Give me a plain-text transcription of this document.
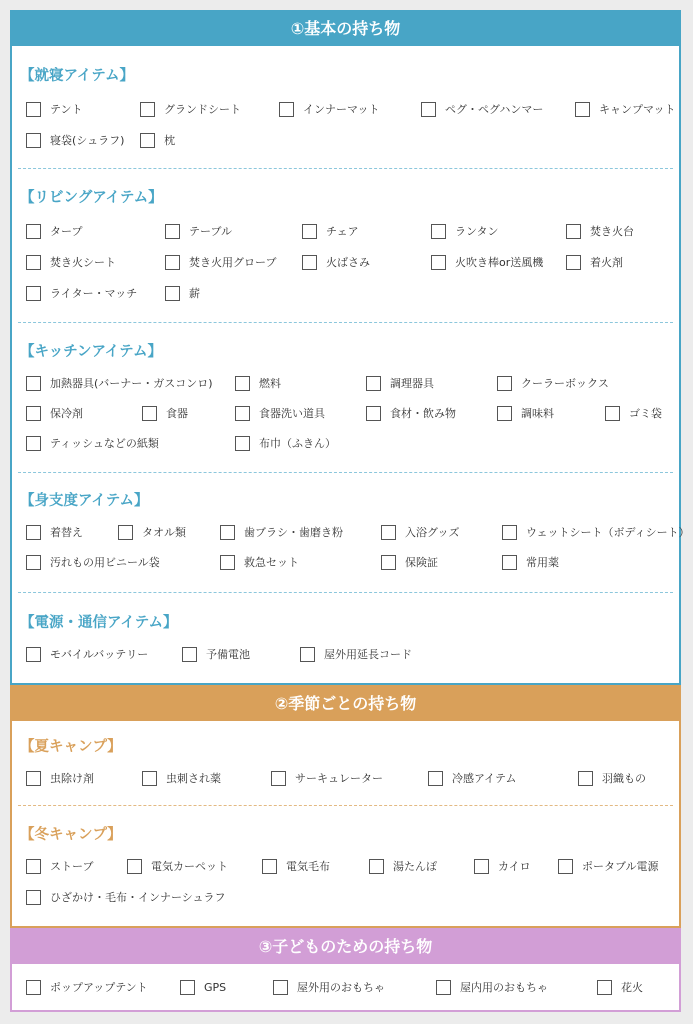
①基本の持ち物
【就寝アイテム】
テント	グランドシート	インナーマット	ペグ・ペグハンマー	キャンプマット
寝袋(シュラフ)	枕
【リビングアイテム】
タープ	テーブル	チェア	ランタン	焚き火台
焚き火シート	焚き火用グローブ	火ばさみ	火吹き棒or送風機	着火剤
ライター・マッチ	薪
【キッチンアイテム】
加熱器具(バーナー・ガスコンロ)	燃料	調理器具	クーラーボックス
保冷剤	食器	食器洗い道具	食材・飲み物	調味料	ゴミ袋
ティッシュなどの紙類	布巾（ふきん）
【身支度アイテム】
着替え	タオル類	歯ブラシ・歯磨き粉	入浴グッズ	ウェットシート（ボディシート）
汚れもの用ビニール袋	救急セット	保険証	常用薬
【電源・通信アイテム】
モバイルバッテリー	予備電池	屋外用延長コード
②季節ごとの持ち物
【夏キャンプ】
虫除け剤	虫刺され薬	サーキュレーター	冷感アイテム	羽織もの
【冬キャンプ】
ストーブ	電気カーペット	電気毛布	湯たんぽ	カイロ	ポータブル電源
ひざかけ・毛布・インナーシュラフ
③子どものための持ち物
ポップアップテント	GPS	屋外用のおもちゃ	屋内用のおもちゃ	花火
